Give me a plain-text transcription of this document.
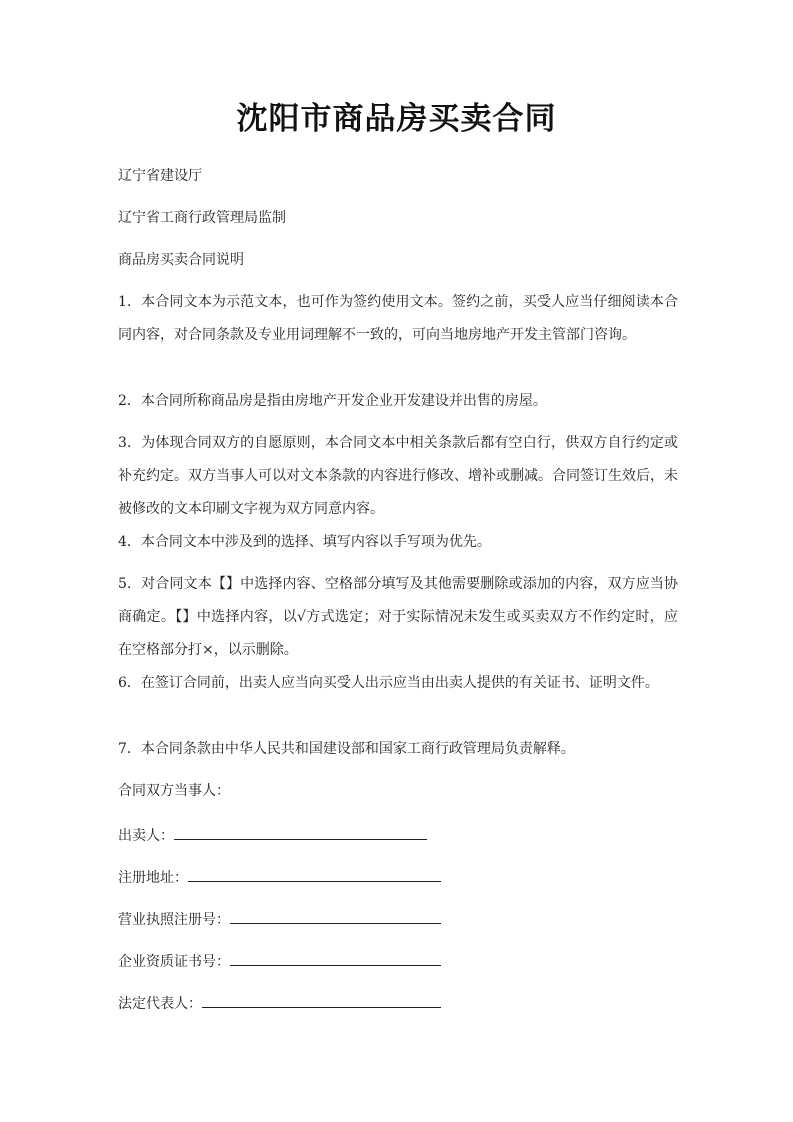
沈阳市商品房买卖合同

辽宁省建设厅

辽宁省工商行政管理局监制

商品房买卖合同说明

1．本合同文本为示范文本，也可作为签约使用文本。签约之前，买受人应当仔细阅读本合同内容，对合同条款及专业用词理解不一致的，可向当地房地产开发主管部门咨询。

2．本合同所称商品房是指由房地产开发企业开发建设并出售的房屋。

3．为体现合同双方的自愿原则，本合同文本中相关条款后都有空白行，供双方自行约定或补充约定。双方当事人可以对文本条款的内容进行修改、增补或删减。合同签订生效后，未被修改的文本印刷文字视为双方同意内容。

4．本合同文本中涉及到的选择、填写内容以手写项为优先。

5．对合同文本【】中选择内容、空格部分填写及其他需要删除或添加的内容，双方应当协商确定。【】中选择内容，以√方式选定；对于实际情况未发生或买卖双方不作约定时，应在空格部分打×，以示删除。

6．在签订合同前，出卖人应当向买受人出示应当由出卖人提供的有关证书、证明文件。

7．本合同条款由中华人民共和国建设部和国家工商行政管理局负责解释。

合同双方当事人：

出卖人：
注册地址：
营业执照注册号：
企业资质证书号：
法定代表人：
